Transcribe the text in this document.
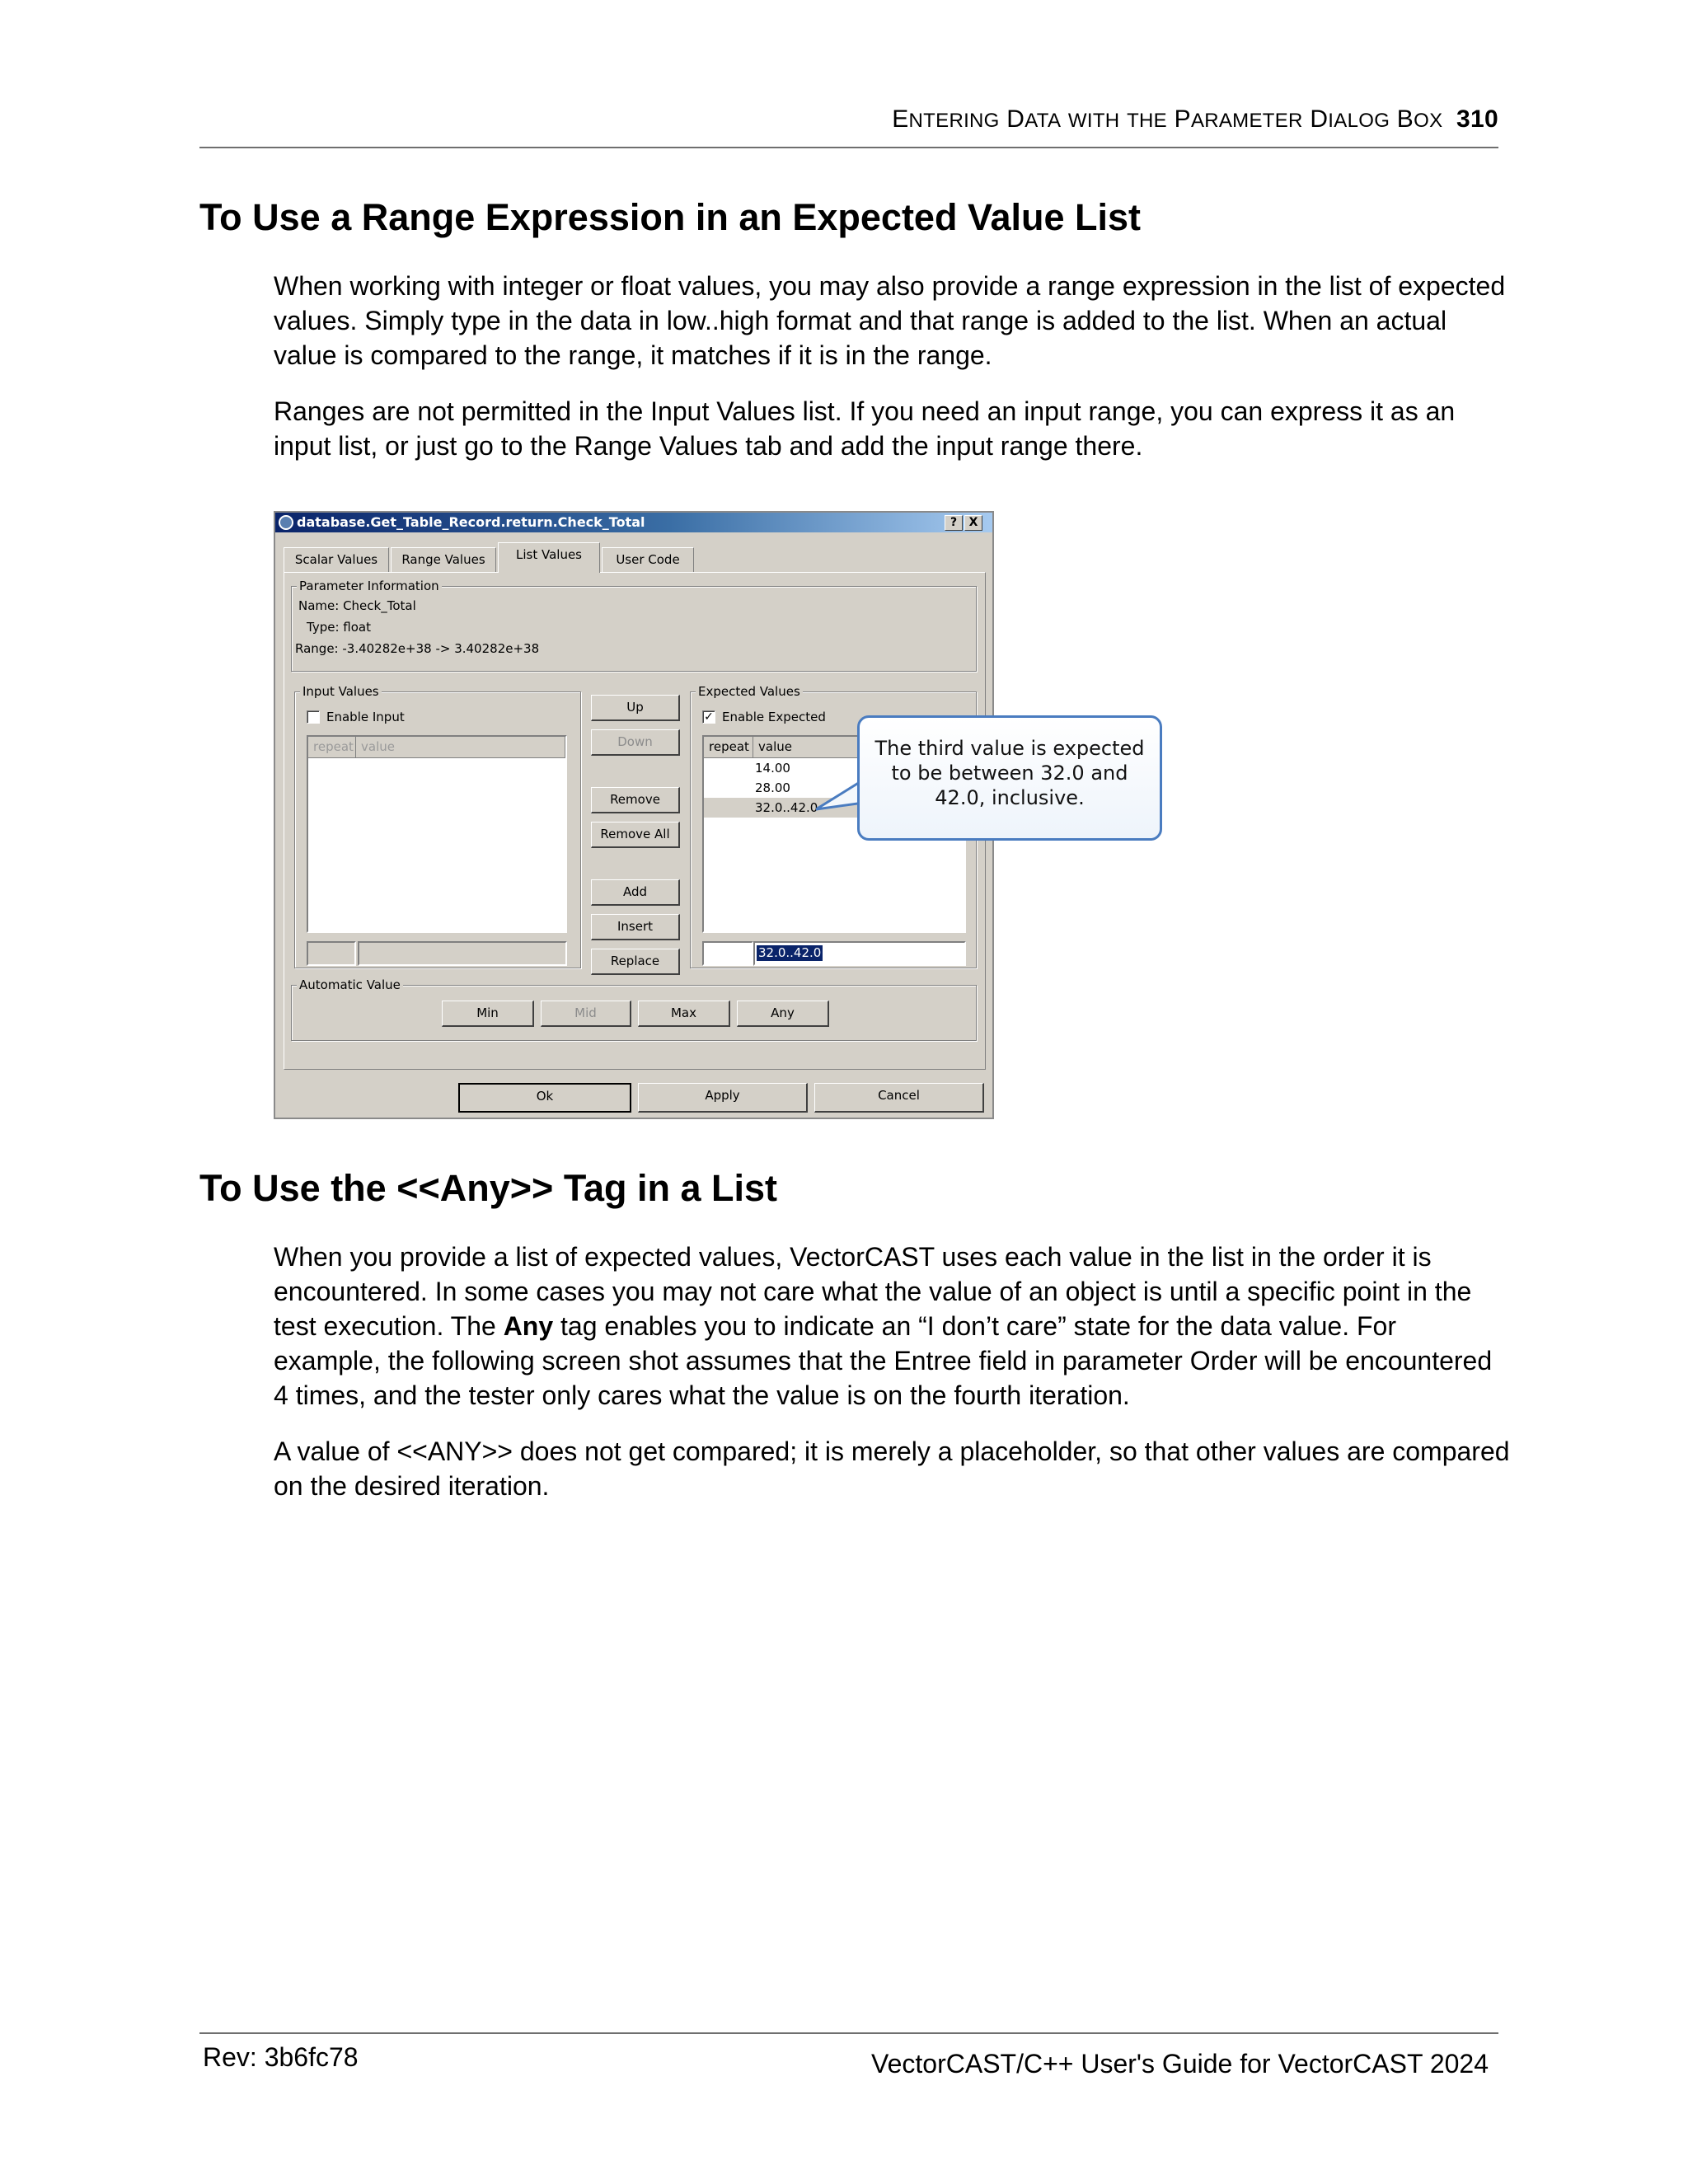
ENTERING DATA WITH THE PARAMETER DIALOG BOX 310
To Use a Range Expression in an Expected Value List

When working with integer or float values, you may also provide a range expression in the list of expected values. Simply type in the data in low..high format and that range is added to the list. When an actual value is compared to the range, it matches if it is in the range.

Ranges are not permitted in the Input Values list. If you need an input range, you can express it as an input list, or just go to the Range Values tab and add the input range there.

database.Get_Table_Record.return.Check_Total	?	X
Scalar Values	Range Values	List Values	User Code
Parameter Information
Name: Check_Total
Type: float
Range: -3.40282e+38 -> 3.40282e+38
Input Values
Enable Input
repeat value
Up
Down
Remove
Remove All
Add
Insert
Replace
Expected Values
✓ Enable Expected
repeat value
14.00
28.00
32.0..42.0
32.0..42.0
Automatic Value
Min	Mid	Max	Any
Ok	Apply	Cancel
The third value is expected to be between 32.0 and 42.0, inclusive.
To Use the <<Any>> Tag in a List

When you provide a list of expected values, VectorCAST uses each value in the list in the order it is encountered. In some cases you may not care what the value of an object is until a specific point in the test execution. The Any tag enables you to indicate an “I don’t care” state for the data value. For example, the following screen shot assumes that the Entree field in parameter Order will be encountered 4 times, and the tester only cares what the value is on the fourth iteration.

A value of <<ANY>> does not get compared; it is merely a placeholder, so that other values are compared on the desired iteration.

Rev: 3b6fc78	VectorCAST/C++ User's Guide for VectorCAST 2024
